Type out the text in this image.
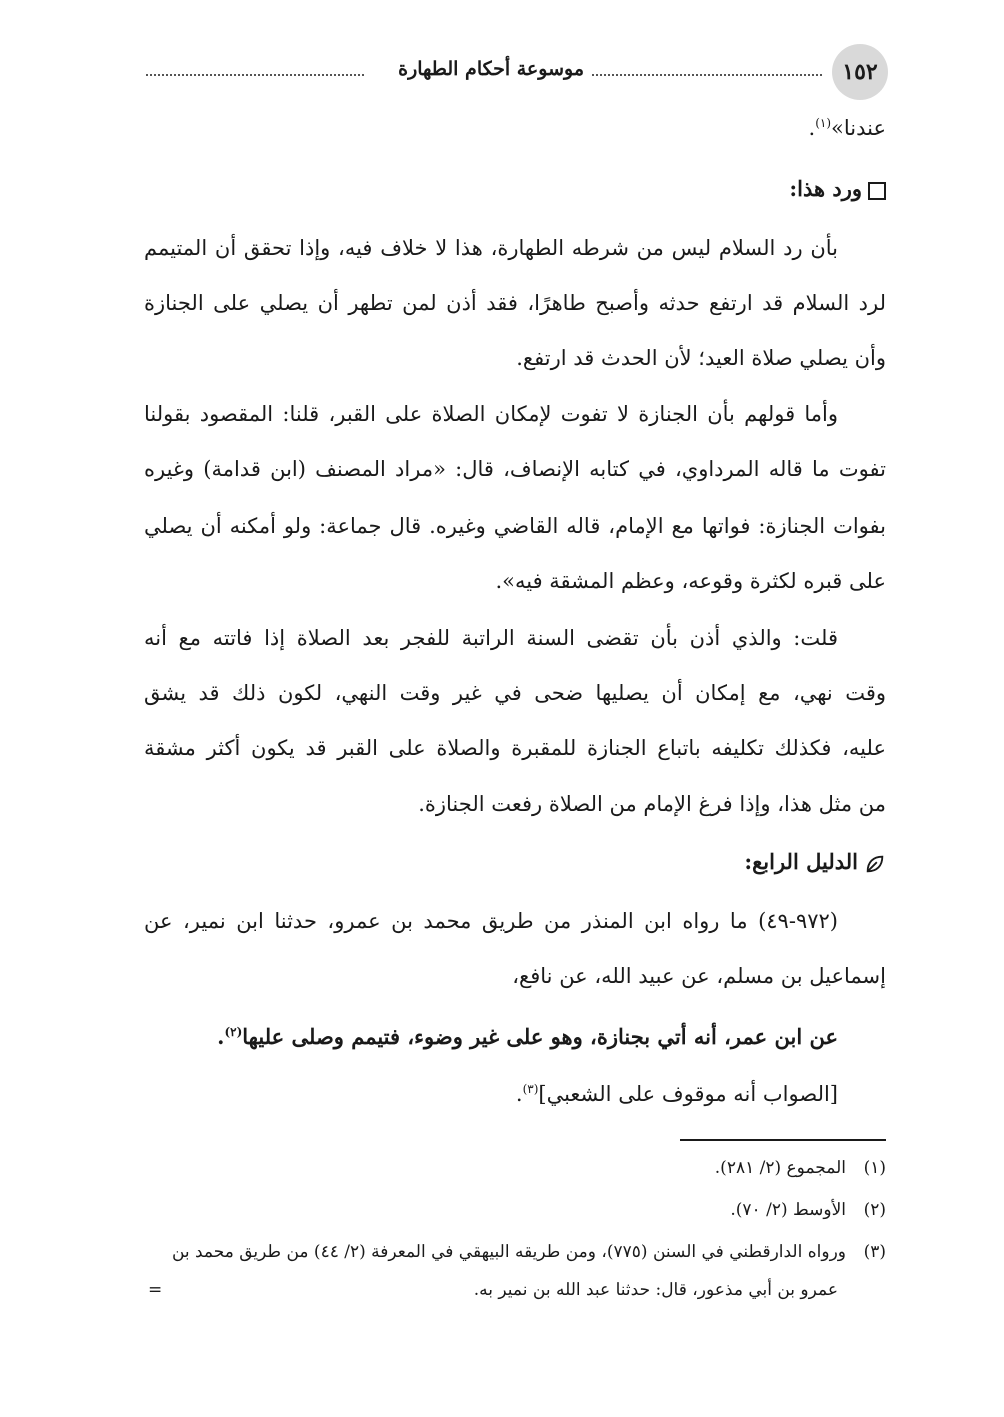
١٥٢
موسوعة أحكام الطهارة
عندنا»$^{(١)}$.
ورد هذا:
بأن رد السلام ليس من شرطه الطهارة، هذا لا خلاف فيه، وإذا تحقق أن المتيمم
لرد السلام قد ارتفع حدثه وأصبح طاهرًا، فقد أذن لمن تطهر أن يصلي على الجنازة
وأن يصلي صلاة العيد؛ لأن الحدث قد ارتفع.
وأما قولهم بأن الجنازة لا تفوت لإمكان الصلاة على القبر، قلنا: المقصود بقولنا
تفوت ما قاله المرداوي، في كتابه الإنصاف، قال: «مراد المصنف (ابن قدامة) وغيره
بفوات الجنازة: فواتها مع الإمام، قاله القاضي وغيره. قال جماعة: ولو أمكنه أن يصلي
على قبره لكثرة وقوعه، وعظم المشقة فيه».
قلت: والذي أذن بأن تقضى السنة الراتبة للفجر بعد الصلاة إذا فاتته مع أنه
وقت نهي، مع إمكان أن يصليها ضحى في غير وقت النهي، لكون ذلك قد يشق
عليه، فكذلك تكليفه باتباع الجنازة للمقبرة والصلاة على القبر قد يكون أكثر مشقة
من مثل هذا، وإذا فرغ الإمام من الصلاة رفعت الجنازة.
الدليل الرابع:
(٩٧٢-٤٩) ما رواه ابن المنذر من طريق محمد بن عمرو، حدثنا ابن نمير، عن
إسماعيل بن مسلم، عن عبيد الله، عن نافع،
عن ابن عمر، أنه أتي بجنازة، وهو على غير وضوء، فتيمم وصلى عليها$^{(٢)}$.
[الصواب أنه موقوف على الشعبي]$^{(٣)}$.
(١)المجموع (٢/ ٢٨١).
(٢)الأوسط (٢/ ٧٠).
(٣)وروا‌ه الدارقطني في السنن (٧٧٥)، ومن طريقه البيهقي في المعرفة (٢/ ٤٤) من طريق محمد بن
عمرو بن أبي مذعور، قال: حدثنا عبد الله بن نمير به.
=
